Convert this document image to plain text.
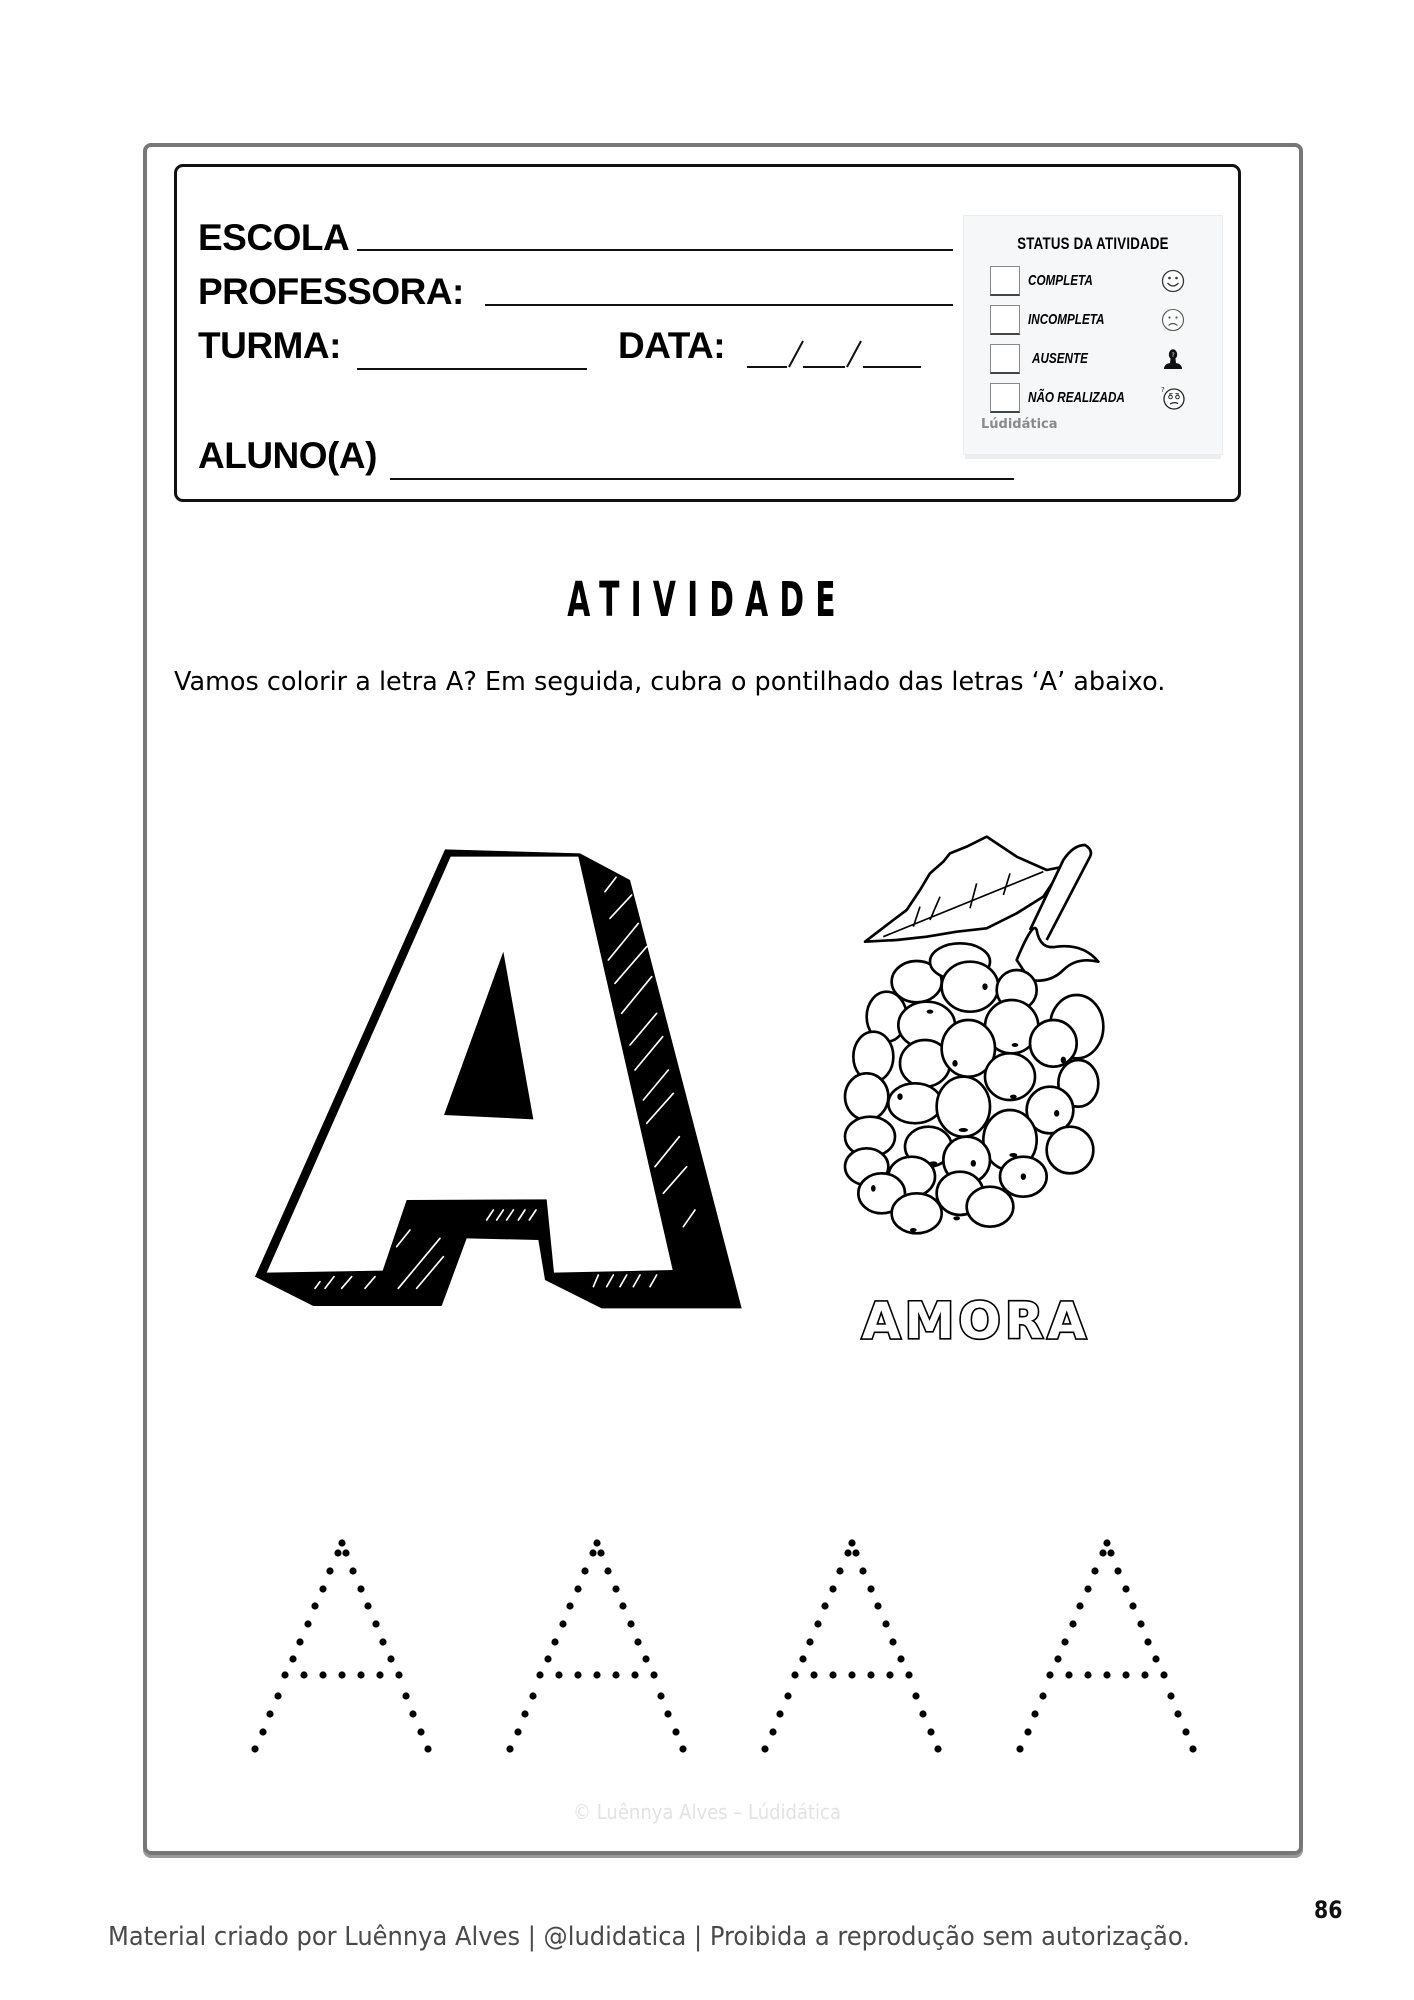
ESCOLA
PROFESSORA:
TURMA:	DATA:
ALUNO(A)
STATUS DA ATIVIDADE
COMPLETA
INCOMPLETA
AUSENTE	?
NÃO REALIZADA	?
Lúdidática
ATIVIDADE
Vamos colorir a letra A? Em seguida, cubra o pontilhado das letras ‘A’ abaixo.
AMORA
© Luênnya Alves – Lúdidática
Material criado por Luênnya Alves | @ludidatica | Proibida a reprodução sem autorização.
86
